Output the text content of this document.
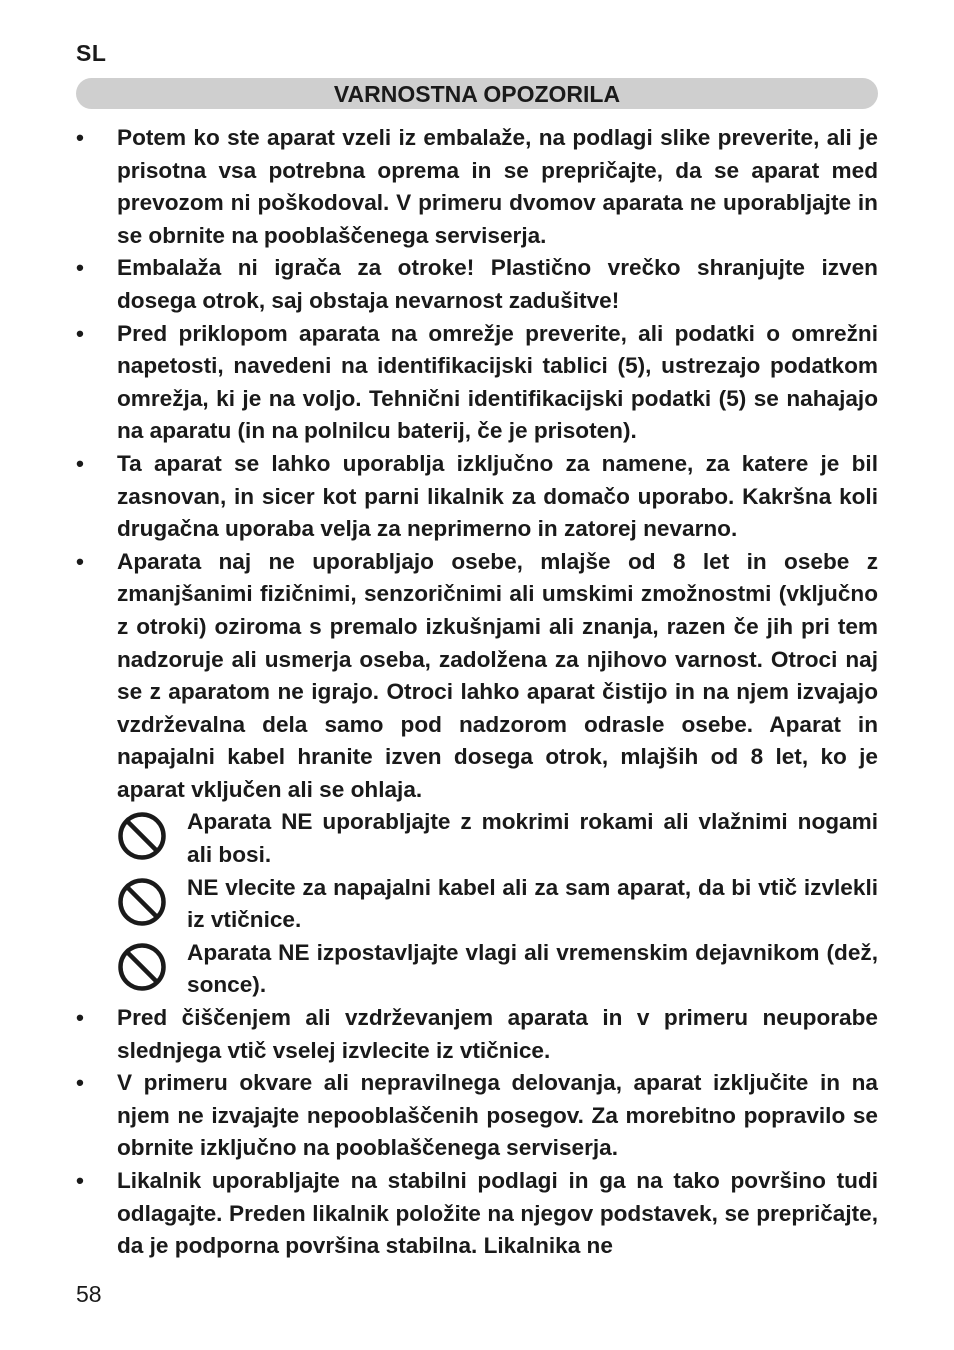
SL
VARNOSTNA OPOZORILA
• Potem ko ste aparat vzeli iz embalaže, na podlagi slike preverite, ali je prisotna vsa potrebna oprema in se prepričajte, da se aparat med prevozom ni poškodoval. V primeru dvomov aparata ne uporabljajte in se obrnite na pooblaščenega serviserja.
• Embalaža ni igrača za otroke! Plastično vrečko shranjujte izven dosega otrok, saj obstaja nevarnost zadušitve!
• Pred priklopom aparata na omrežje preverite, ali podatki o omrežni napetosti, navedeni na identifikacijski tablici (5), ustrezajo podatkom omrežja, ki je na voljo. Tehnični identifikacijski podatki (5) se nahajajo na aparatu (in na polnilcu baterij, če je prisoten).
• Ta aparat se lahko uporablja izključno za namene, za katere je bil zasnovan, in sicer kot parni likalnik za domačo uporabo. Kakršna koli drugačna uporaba velja za neprimerno in zatorej nevarno.
• Aparata naj ne uporabljajo osebe, mlajše od 8 let in osebe z zmanjšanimi fizičnimi, senzoričnimi ali umskimi zmožnostmi (vključno z otroki) oziroma s premalo izkušnjami ali znanja, razen če jih pri tem nadzoruje ali usmerja oseba, zadolžena za njihovo varnost. Otroci naj se z aparatom ne igrajo. Otroci lahko aparat čistijo in na njem izvajajo vzdrževalna dela samo pod nadzorom odrasle osebe. Aparat in napajalni kabel hranite izven dosega otrok, mlajših od 8 let, ko je aparat vključen ali se ohlaja.
Aparata NE uporabljajte z mokrimi rokami ali vlažnimi nogami ali bosi.
NE vlecite za napajalni kabel ali za sam aparat, da bi vtič izvlekli iz vtičnice.
Aparata NE izpostavljajte vlagi ali vremenskim dejavnikom (dež, sonce).
• Pred čiščenjem ali vzdrževanjem aparata in v primeru neuporabe slednjega vtič vselej izvlecite iz vtičnice.
• V primeru okvare ali nepravilnega delovanja, aparat izključite in na njem ne izvajajte nepooblaščenih posegov. Za morebitno popravilo se obrnite izključno na pooblaščenega serviserja.
• Likalnik uporabljajte na stabilni podlagi in ga na tako površino tudi odlagajte. Preden likalnik položite na njegov podstavek, se prepričajte, da je podporna površina stabilna. Likalnika ne
58
